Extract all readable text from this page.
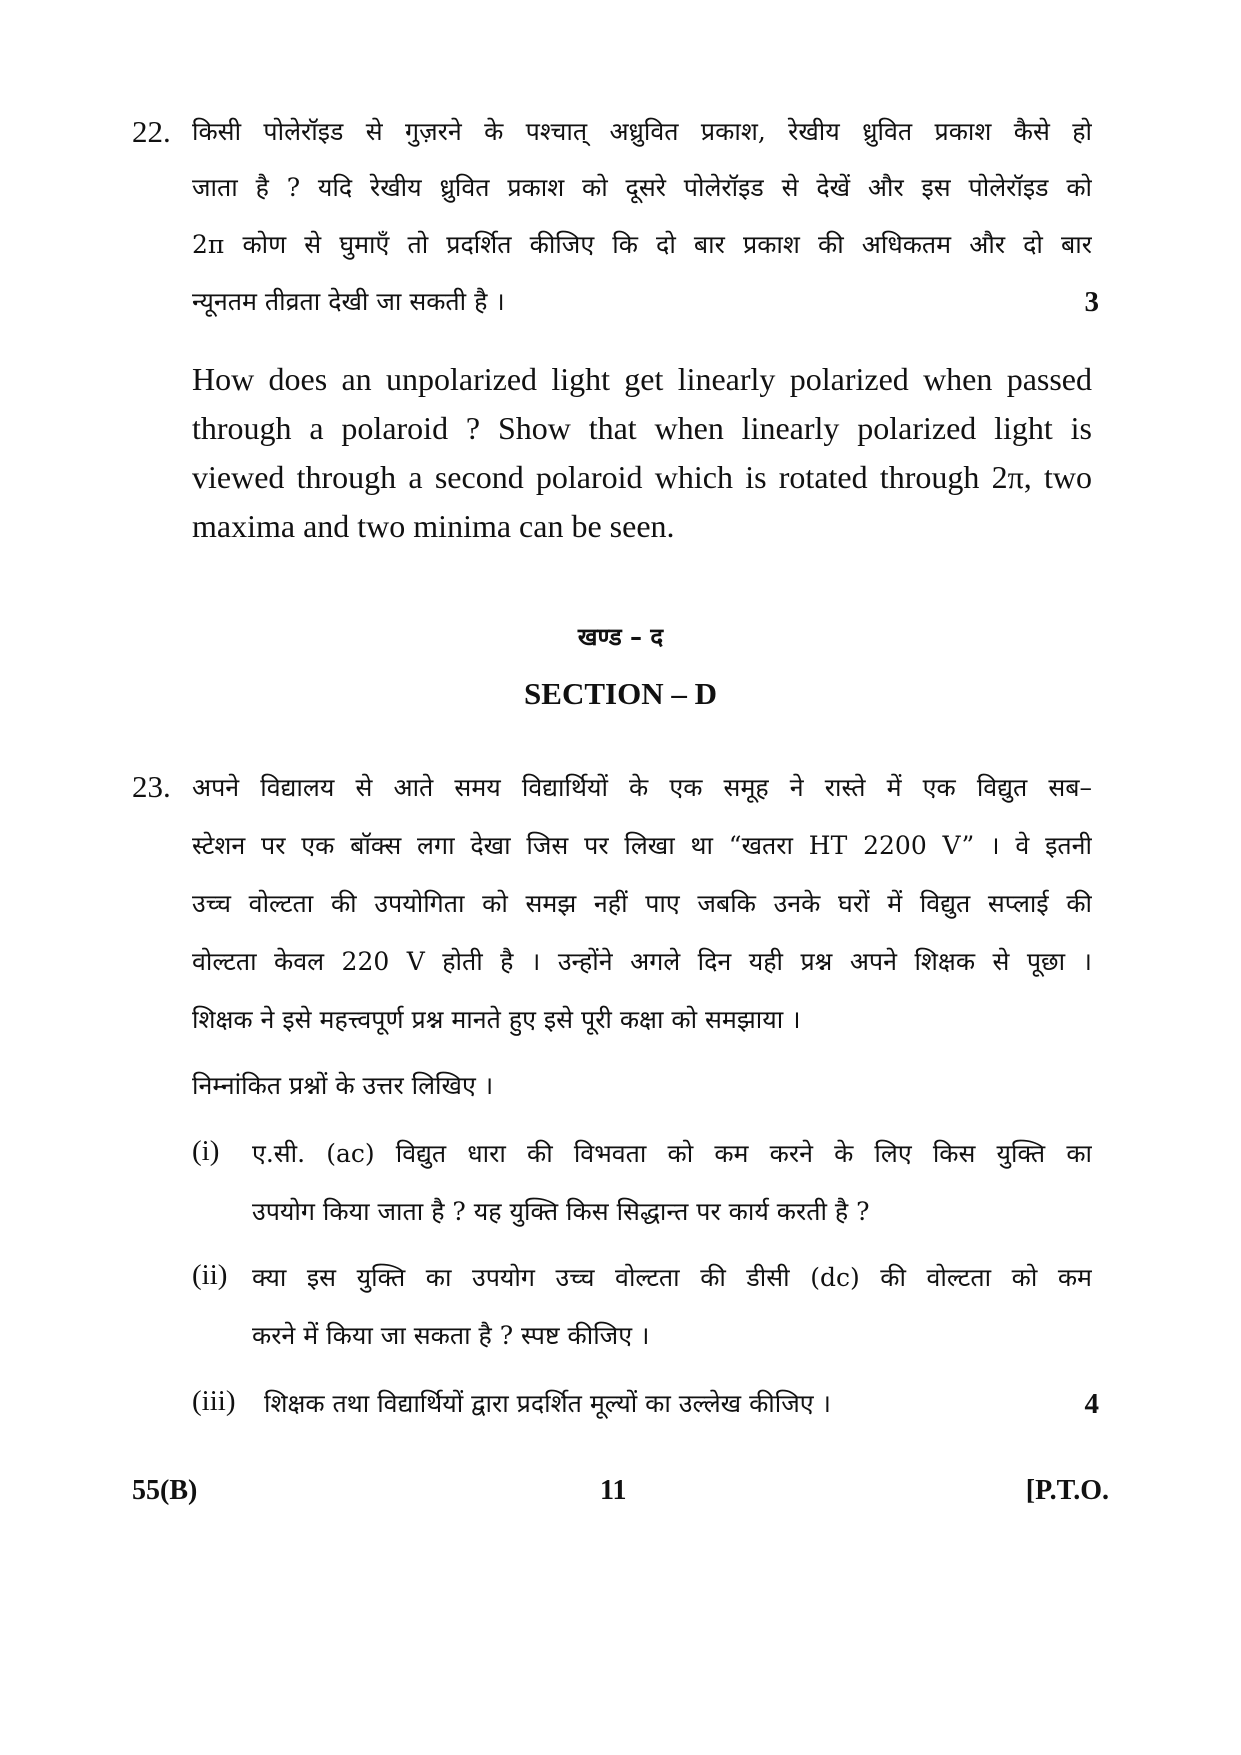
22. किसी पोलेरॉइड से गुज़रने के पश्चात् अध्रुवित प्रकाश, रेखीय ध्रुवित प्रकाश कैसे हो
जाता है ? यदि रेखीय ध्रुवित प्रकाश को दूसरे पोलेरॉइड से देखें और इस पोलेरॉइड को
2π कोण से घुमाएँ तो प्रदर्शित कीजिए कि दो बार प्रकाश की अधिकतम और दो बार
न्यूनतम तीव्रता देखी जा सकती है ।	3
How does an unpolarized light get linearly polarized when passed through a polaroid ? Show that when linearly polarized light is viewed through a second polaroid which is rotated through 2π, two maxima and two minima can be seen.
खण्ड – द
SECTION – D
23. अपने विद्यालय से आते समय विद्यार्थियों के एक समूह ने रास्ते में एक विद्युत सब–
स्टेशन पर एक बॉक्स लगा देखा जिस पर लिखा था “खतरा HT 2200 V” । वे इतनी
उच्च वोल्टता की उपयोगिता को समझ नहीं पाए जबकि उनके घरों में विद्युत सप्लाई की
वोल्टता केवल 220 V होती है । उन्होंने अगले दिन यही प्रश्न अपने शिक्षक से पूछा ।
शिक्षक ने इसे महत्त्वपूर्ण प्रश्न मानते हुए इसे पूरी कक्षा को समझाया ।
निम्नांकित प्रश्नों के उत्तर लिखिए ।
(i) ए.सी. (ac) विद्युत धारा की विभवता को कम करने के लिए किस युक्ति का
उपयोग किया जाता है ? यह युक्ति किस सिद्धान्त पर कार्य करती है ?
(ii) क्या इस युक्ति का उपयोग उच्च वोल्टता की डीसी (dc) की वोल्टता को कम
करने में किया जा सकता है ? स्पष्ट कीजिए ।
(iii) शिक्षक तथा विद्यार्थियों द्वारा प्रदर्शित मूल्यों का उल्लेख कीजिए ।	4
55(B)	11	[P.T.O.
